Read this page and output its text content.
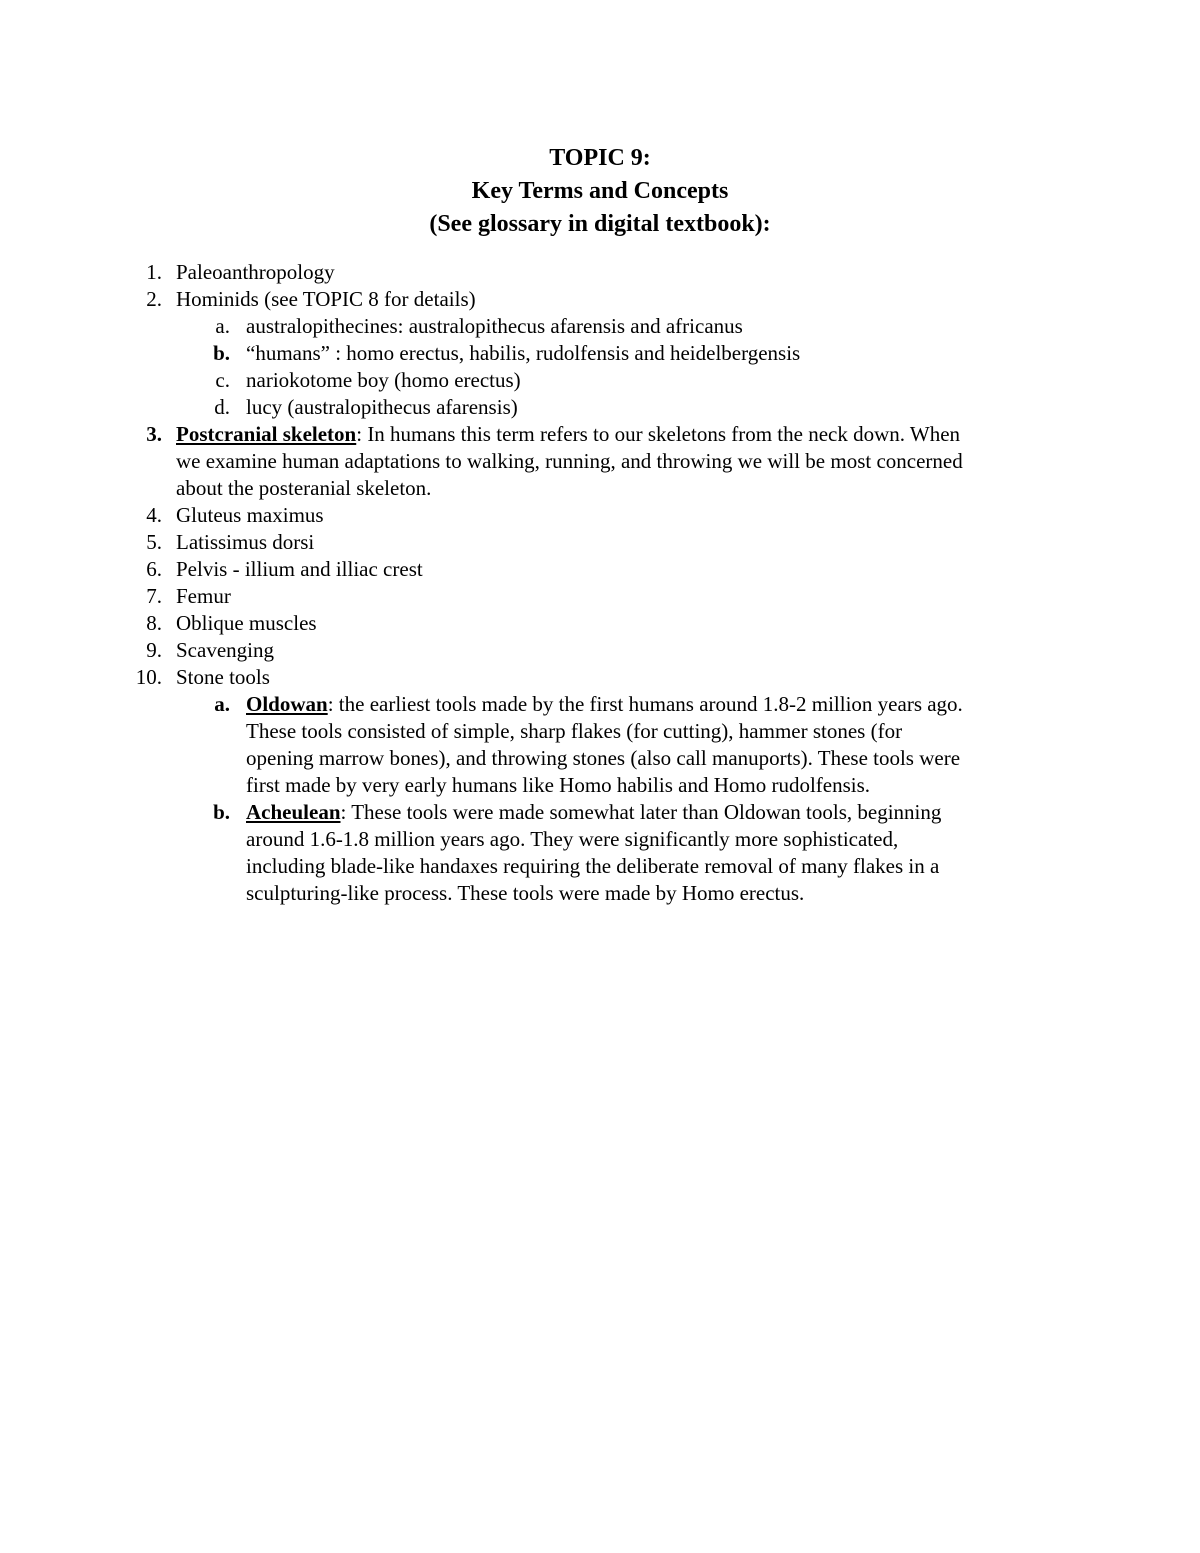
TOPIC 9:
Key Terms and Concepts
(See glossary in digital textbook):
1. Paleoanthropology
2. Hominids (see TOPIC 8 for details)
a. australopithecines: australopithecus afarensis and africanus
b. “humans” : homo erectus, habilis, rudolfensis and heidelbergensis
c. nariokotome boy (homo erectus)
d. lucy (australopithecus afarensis)
3. Postcranial skeleton: In humans this term refers to our skeletons from the neck down. When
we examine human adaptations to walking, running, and throwing we will be most concerned
about the posteranial skeleton.
4. Gluteus maximus
5. Latissimus dorsi
6. Pelvis - illium and illiac crest
7. Femur
8. Oblique muscles
9. Scavenging
10. Stone tools
a. Oldowan: the earliest tools made by the first humans around 1.8-2 million years ago.
These tools consisted of simple, sharp flakes (for cutting), hammer stones (for
opening marrow bones), and throwing stones (also call manuports). These tools were
first made by very early humans like Homo habilis and Homo rudolfensis.
b. Acheulean: These tools were made somewhat later than Oldowan tools, beginning
around 1.6-1.8 million years ago. They were significantly more sophisticated,
including blade-like handaxes requiring the deliberate removal of many flakes in a
sculpturing-like process. These tools were made by Homo erectus.
